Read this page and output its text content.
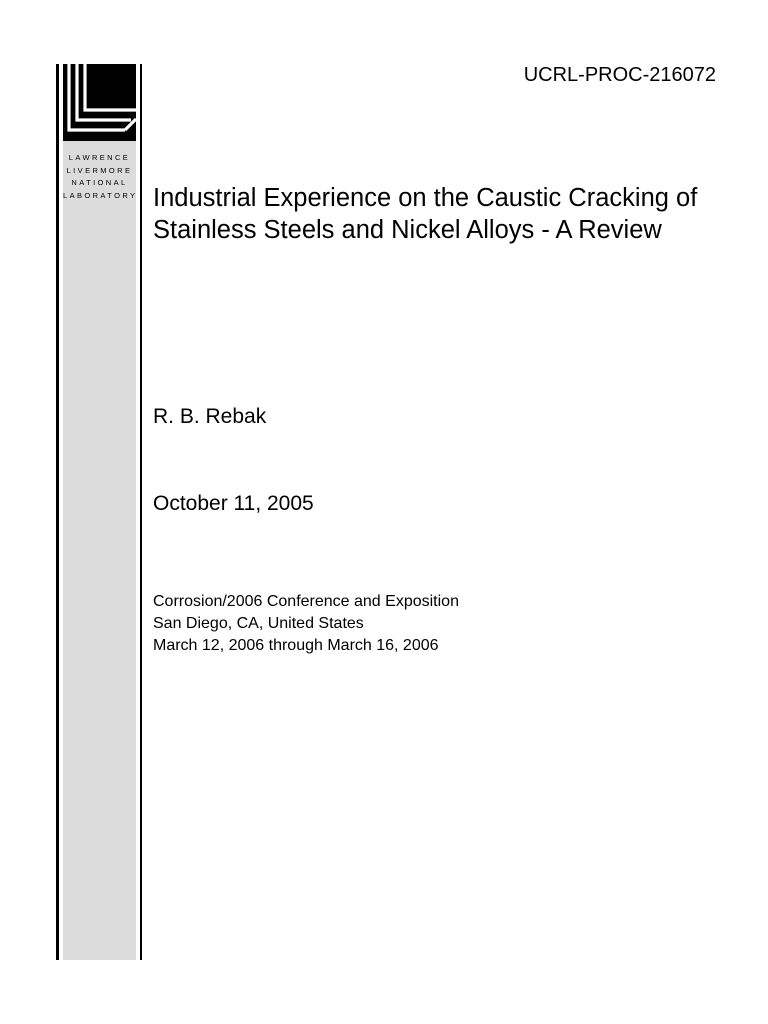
LAWRENCE
LIVERMORE
NATIONAL
LABORATORY
UCRL-PROC-216072
Industrial Experience on the Caustic Cracking of Stainless Steels and Nickel Alloys - A Review
R. B. Rebak
October 11, 2005
Corrosion/2006 Conference and Exposition
San Diego, CA, United States
March 12, 2006 through March 16, 2006
